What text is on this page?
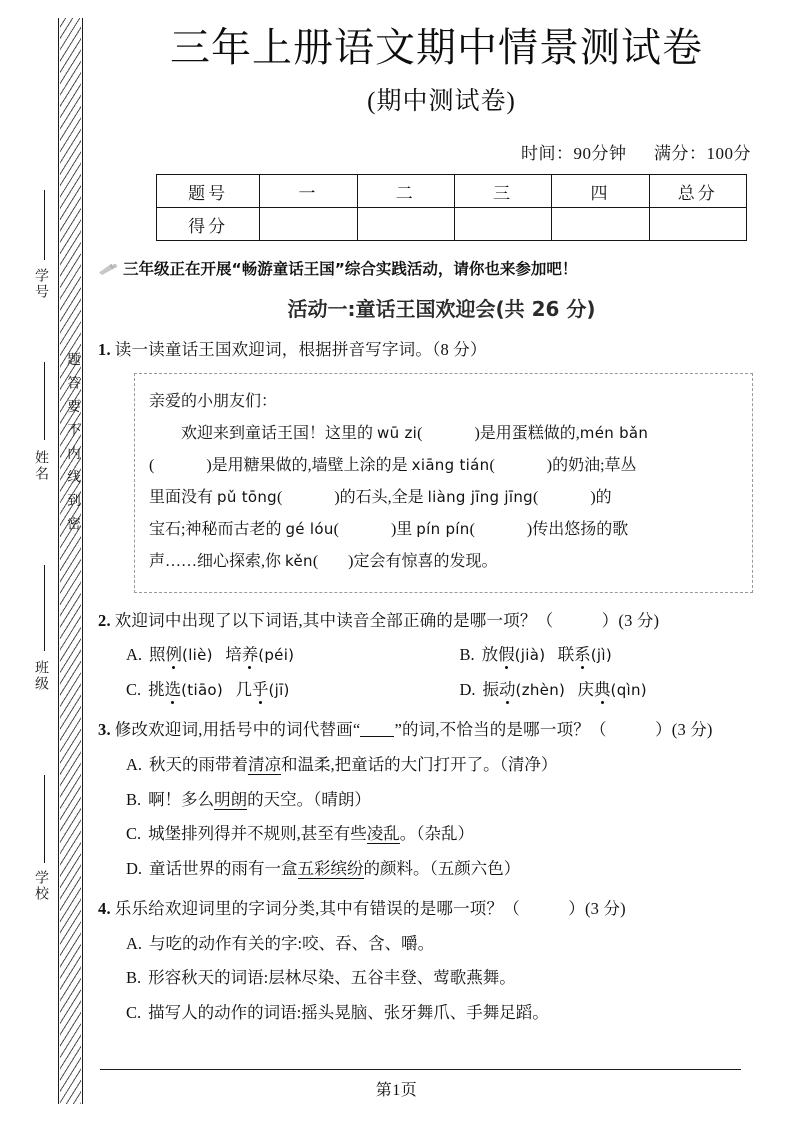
学号
姓名
班级
学校
题答要不内线到密
三年上册语文期中情景测试卷
(期中测试卷)
时间：90分钟 满分：100分
题号	一	二	三	四	总分
得分					
三年级正在开展“畅游童话王国”综合实践活动，请你也来参加吧！
活动一:童话王国欢迎会(共 26 分)
1. 读一读童话王国欢迎词，根据拼音写字词。（8 分）

亲爱的小朋友们：

欢迎来到童话王国！这里的 wū zi(	)是用蛋糕做的,mén bǎn

(	)是用糖果做的,墙壁上涂的是 xiāng tián(	)的奶油;草丛

里面没有 pǔ tōng(	)的石头,全是 liàng jīng jīng(	)的

宝石;神秘而古老的 gé lóu(	)里 pín pín(	)传出悠扬的歌

声……细心探索,你 kěn( )定会有惊喜的发现。

2. 欢迎词中出现了以下词语,其中读音全部正确的是哪一项？（	）(3 分)
A. 照例(liè) 培养(péi)	B. 放假(jià) 联系(jì)
C. 挑选(tiāo) 几乎(jī)	D. 振动(zhèn) 庆典(qìn)
3. 修改欢迎词,用括号中的词代替画“ ”的词,不恰当的是哪一项？（	）(3 分)
A. 秋天的雨带着清凉和温柔,把童话的大门打开了。（清净）
B. 啊！多么明朗的天空。（晴朗）
C. 城堡排列得并不规则,甚至有些凌乱。（杂乱）
D. 童话世界的雨有一盒五彩缤纷的颜料。（五颜六色）
4. 乐乐给欢迎词里的字词分类,其中有错误的是哪一项？（	）(3 分)
A. 与吃的动作有关的字:咬、吞、含、嚼。
B. 形容秋天的词语:层林尽染、五谷丰登、莺歌燕舞。
C. 描写人的动作的词语:摇头晃脑、张牙舞爪、手舞足蹈。
第1页
